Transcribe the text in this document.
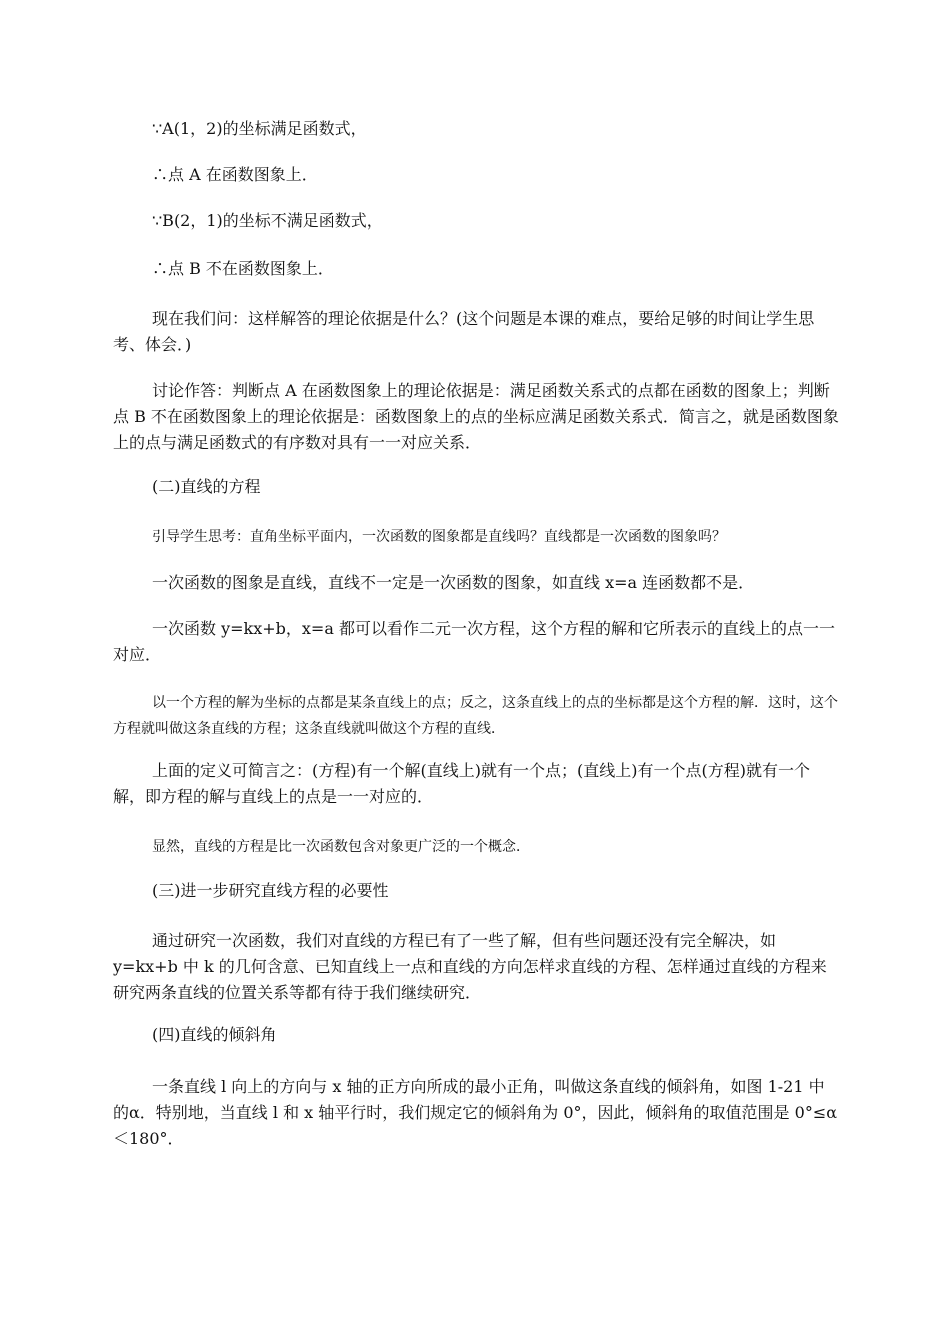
∵A(1，2)的坐标满足函数式，

∴点 A 在函数图象上．

∵B(2，1)的坐标不满足函数式，

∴点 B 不在函数图象上．

现在我们问：这样解答的理论依据是什么？(这个问题是本课的难点，要给足够的时间让学生思考、体会．)

讨论作答：判断点 A 在函数图象上的理论依据是：满足函数关系式的点都在函数的图象上；判断点 B 不在函数图象上的理论依据是：函数图象上的点的坐标应满足函数关系式．简言之，就是函数图象上的点与满足函数式的有序数对具有一一对应关系．

(二)直线的方程

引导学生思考：直角坐标平面内，一次函数的图象都是直线吗？直线都是一次函数的图象吗？

一次函数的图象是直线，直线不一定是一次函数的图象，如直线 x=a 连函数都不是．

一次函数 y=kx+b，x=a 都可以看作二元一次方程，这个方程的解和它所表示的直线上的点一一对应．

以一个方程的解为坐标的点都是某条直线上的点；反之，这条直线上的点的坐标都是这个方程的解．这时，这个方程就叫做这条直线的方程；这条直线就叫做这个方程的直线．

上面的定义可简言之：(方程)有一个解(直线上)就有一个点；(直线上)有一个点(方程)就有一个解，即方程的解与直线上的点是一一对应的．

显然，直线的方程是比一次函数包含对象更广泛的一个概念．

(三)进一步研究直线方程的必要性

通过研究一次函数，我们对直线的方程已有了一些了解，但有些问题还没有完全解决，如 y=kx+b 中 k 的几何含意、已知直线上一点和直线的方向怎样求直线的方程、怎样通过直线的方程来研究两条直线的位置关系等都有待于我们继续研究．

(四)直线的倾斜角

一条直线 l 向上的方向与 x 轴的正方向所成的最小正角，叫做这条直线的倾斜角，如图 1-21 中的α．特别地，当直线 l 和 x 轴平行时，我们规定它的倾斜角为 0°，因此，倾斜角的取值范围是 0°≤α＜180°．
